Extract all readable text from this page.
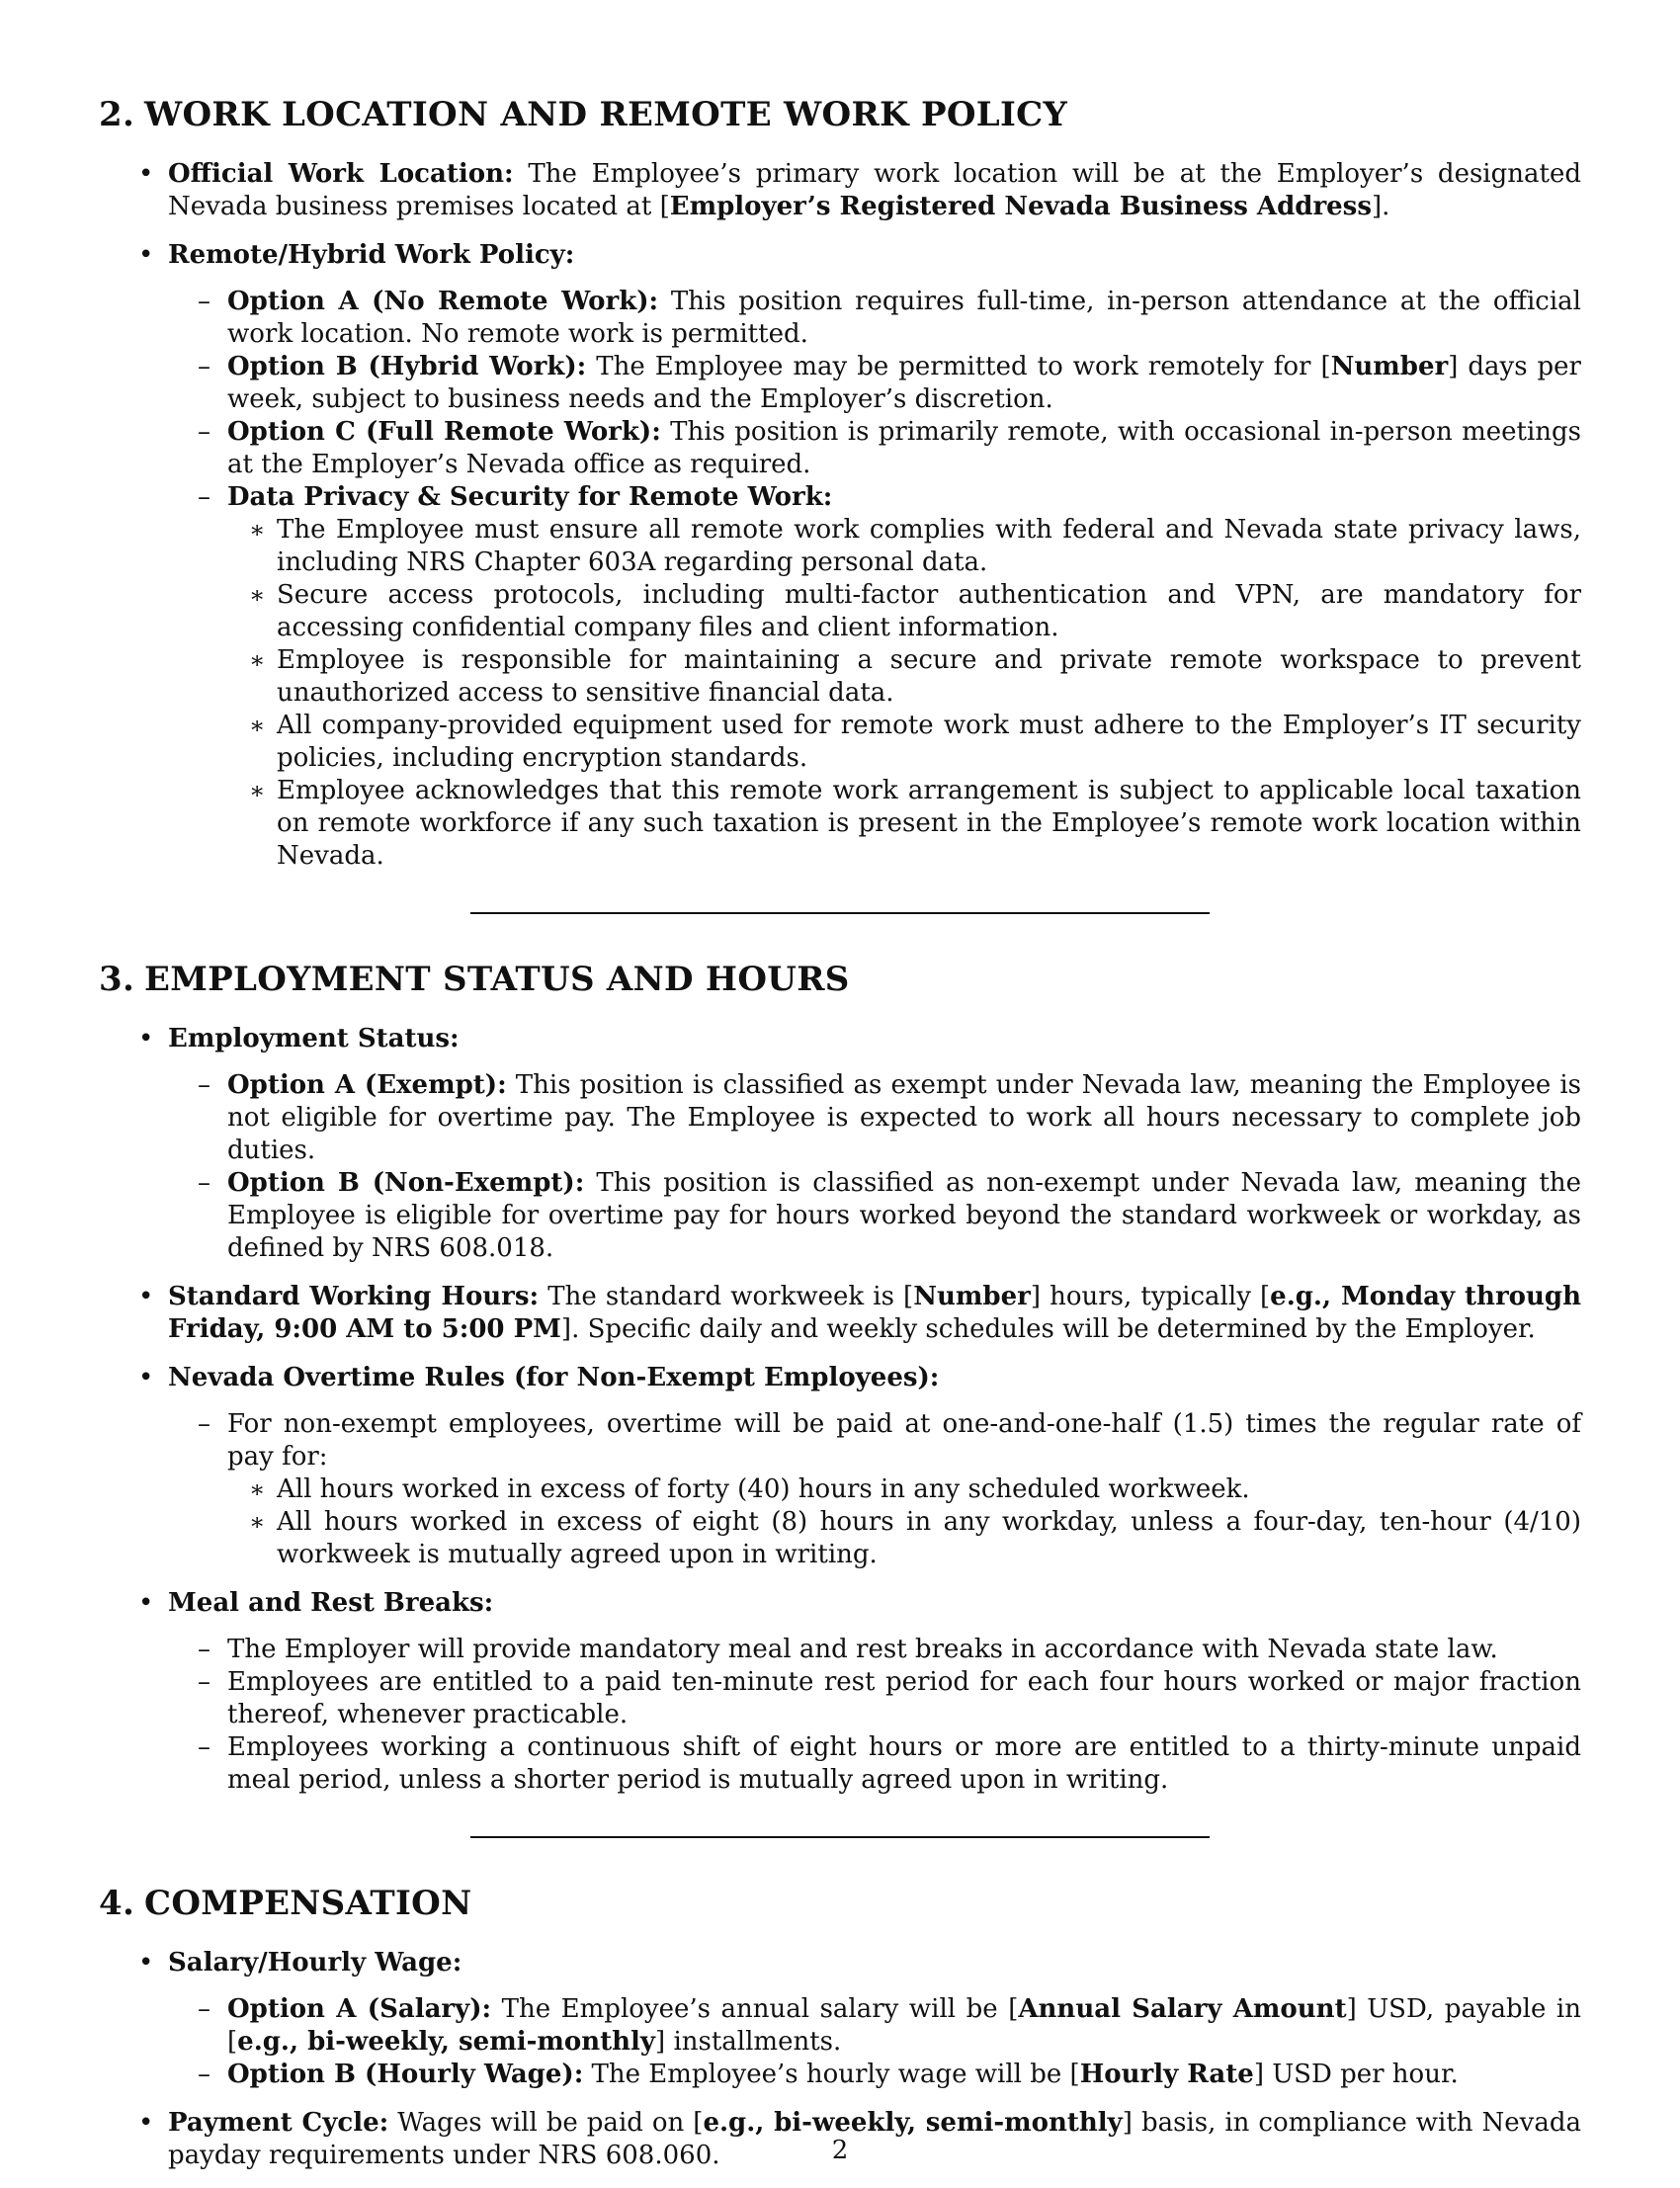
2. WORK LOCATION AND REMOTE WORK POLICY
• Official Work Location: The Employee’s primary work location will be at the Employer’s designated Nevada business premises located at [Employer’s Registered Nevada Business Address].
• Remote/Hybrid Work Policy:
– Option A (No Remote Work): This position requires full-time, in-person attendance at the official work location. No remote work is permitted.
– Option B (Hybrid Work): The Employee may be permitted to work remotely for [Number] days per week, subject to business needs and the Employer’s discretion.
– Option C (Full Remote Work): This position is primarily remote, with occasional in-person meetings at the Employer’s Nevada office as required.
– Data Privacy & Security for Remote Work:
∗ The Employee must ensure all remote work complies with federal and Nevada state privacy laws, including NRS Chapter 603A regarding personal data.
∗ Secure access protocols, including multi-factor authentication and VPN, are mandatory for accessing confidential company files and client information.
∗ Employee is responsible for maintaining a secure and private remote workspace to prevent unauthorized access to sensitive financial data.
∗ All company-provided equipment used for remote work must adhere to the Employer’s IT security policies, including encryption standards.
∗ Employee acknowledges that this remote work arrangement is subject to applicable local taxation on remote workforce if any such taxation is present in the Employee’s remote work location within Nevada.
3. EMPLOYMENT STATUS AND HOURS
• Employment Status:
– Option A (Exempt): This position is classified as exempt under Nevada law, meaning the Employee is not eligible for overtime pay. The Employee is expected to work all hours necessary to complete job duties.
– Option B (Non-Exempt): This position is classified as non-exempt under Nevada law, meaning the Employee is eligible for overtime pay for hours worked beyond the standard workweek or workday, as defined by NRS 608.018.
• Standard Working Hours: The standard workweek is [Number] hours, typically [e.g., Monday through Friday, 9:00 AM to 5:00 PM]. Specific daily and weekly schedules will be determined by the Employer.
• Nevada Overtime Rules (for Non-Exempt Employees):
– For non-exempt employees, overtime will be paid at one-and-one-half (1.5) times the regular rate of pay for:
∗ All hours worked in excess of forty (40) hours in any scheduled workweek.
∗ All hours worked in excess of eight (8) hours in any workday, unless a four-day, ten-hour (4/10) workweek is mutually agreed upon in writing.
• Meal and Rest Breaks:
– The Employer will provide mandatory meal and rest breaks in accordance with Nevada state law.
– Employees are entitled to a paid ten-minute rest period for each four hours worked or major fraction thereof, whenever practicable.
– Employees working a continuous shift of eight hours or more are entitled to a thirty-minute unpaid meal period, unless a shorter period is mutually agreed upon in writing.
4. COMPENSATION
• Salary/Hourly Wage:
– Option A (Salary): The Employee’s annual salary will be [Annual Salary Amount] USD, payable in [e.g., bi-weekly, semi-monthly] installments.
– Option B (Hourly Wage): The Employee’s hourly wage will be [Hourly Rate] USD per hour.
• Payment Cycle: Wages will be paid on [e.g., bi-weekly, semi-monthly] basis, in compliance with Nevada payday requirements under NRS 608.060.	2
